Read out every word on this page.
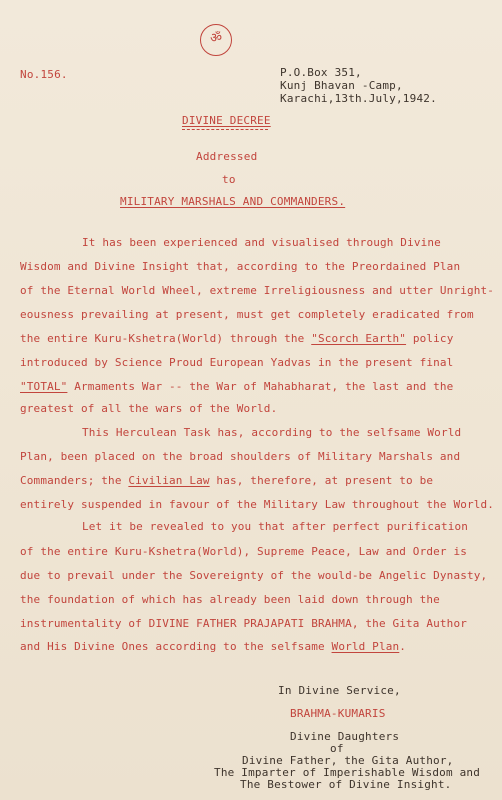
ॐ
No.156.	P.O.Box 351,
Kunj Bhavan -Camp,
Karachi,13th.July,1942.
DIVINE DECREE
Addressed
to
MILITARY MARSHALS AND COMMANDERS.
It has been experienced and visualised through Divine
Wisdom and Divine Insight that, according to the Preordained Plan
of the Eternal World Wheel, extreme Irreligiousness and utter Unright-
eousness prevailing at present, must get completely eradicated from
the entire Kuru-Kshetra(World) through the "Scorch Earth" policy
introduced by Science Proud European Yadvas in the present final
"TOTAL" Armaments War -- the War of Mahabharat, the last and the
greatest of all the wars of the World.
This Herculean Task has, according to the selfsame World
Plan, been placed on the broad shoulders of Military Marshals and
Commanders; the Civilian Law has, therefore, at present to be
entirely suspended in favour of the Military Law throughout the World.
Let it be revealed to you that after perfect purification
of the entire Kuru-Kshetra(World), Supreme Peace, Law and Order is
due to prevail under the Sovereignty of the would-be Angelic Dynasty,
the foundation of which has already been laid down through the
instrumentality of DIVINE FATHER PRAJAPATI BRAHMA, the Gita Author
and His Divine Ones according to the selfsame World Plan.
In Divine Service,
BRAHMA-KUMARIS
Divine Daughters
of
Divine Father, the Gita Author,
The Imparter of Imperishable Wisdom and
The Bestower of Divine Insight.
